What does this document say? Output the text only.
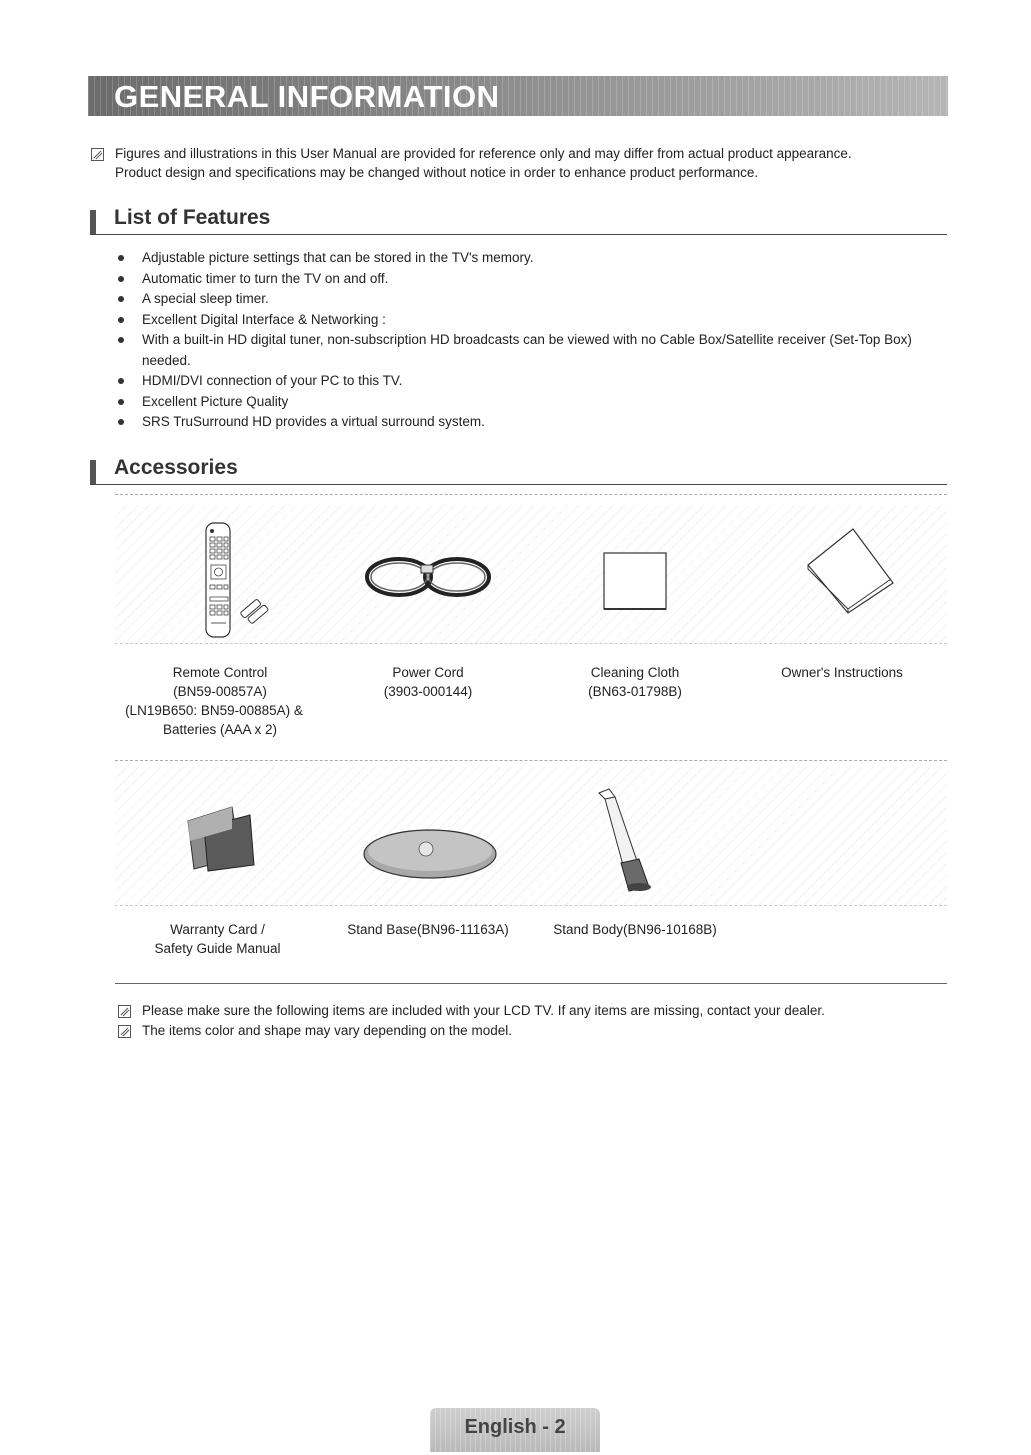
GENERAL INFORMATION
Figures and illustrations in this User Manual are provided for reference only and may differ from actual product appearance.
Product design and specifications may be changed without notice in order to enhance product performance.
List of Features
Adjustable picture settings that can be stored in the TV's memory.
Automatic timer to turn the TV on and off.
A special sleep timer.
Excellent Digital Interface & Networking :
With a built-in HD digital tuner, non-subscription HD broadcasts can be viewed with no Cable Box/Satellite receiver (Set-Top Box) needed.
HDMI/DVI connection of your PC to this TV.
Excellent Picture Quality
SRS TruSurround HD provides a virtual surround system.
Accessories
Remote Control
(BN59-00857A)
(LN19B650: BN59-00885A) &
Batteries (AAA x 2)
Power Cord
(3903-000144)
Cleaning Cloth
(BN63-01798B)
Owner's Instructions
Warranty Card /
Safety Guide Manual
Stand Base(BN96-11163A)	Stand Body(BN96-10168B)
Please make sure the following items are included with your LCD TV. If any items are missing, contact your dealer.
The items color and shape may vary depending on the model.
English - 2
